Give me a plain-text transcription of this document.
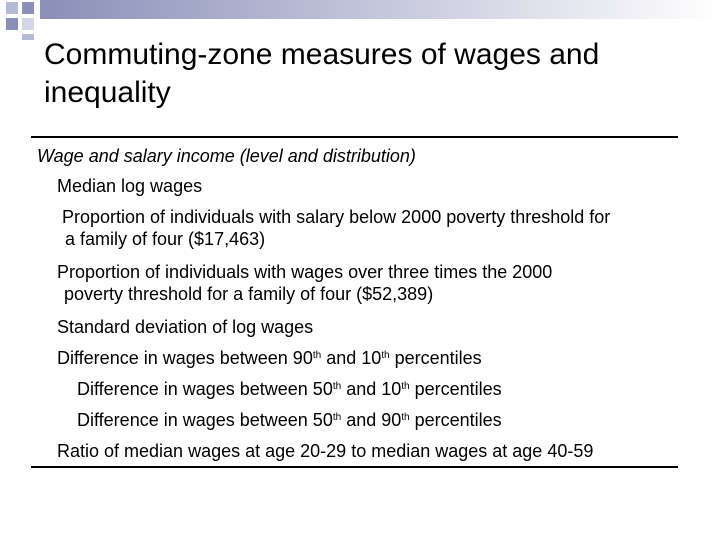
Commuting-zone measures of wages and inequality
Wage and salary income (level and distribution)
Median log wages
Proportion of individuals with salary below 2000 poverty threshold for
a family of four ($17,463)
Proportion of individuals with wages over three times the 2000
poverty threshold for a family of four ($52,389)
Standard deviation of log wages
Difference in wages between 90th and 10th percentiles
Difference in wages between 50th and 10th percentiles
Difference in wages between 50th and 90th percentiles
Ratio of median wages at age 20-29 to median wages at age 40-59
